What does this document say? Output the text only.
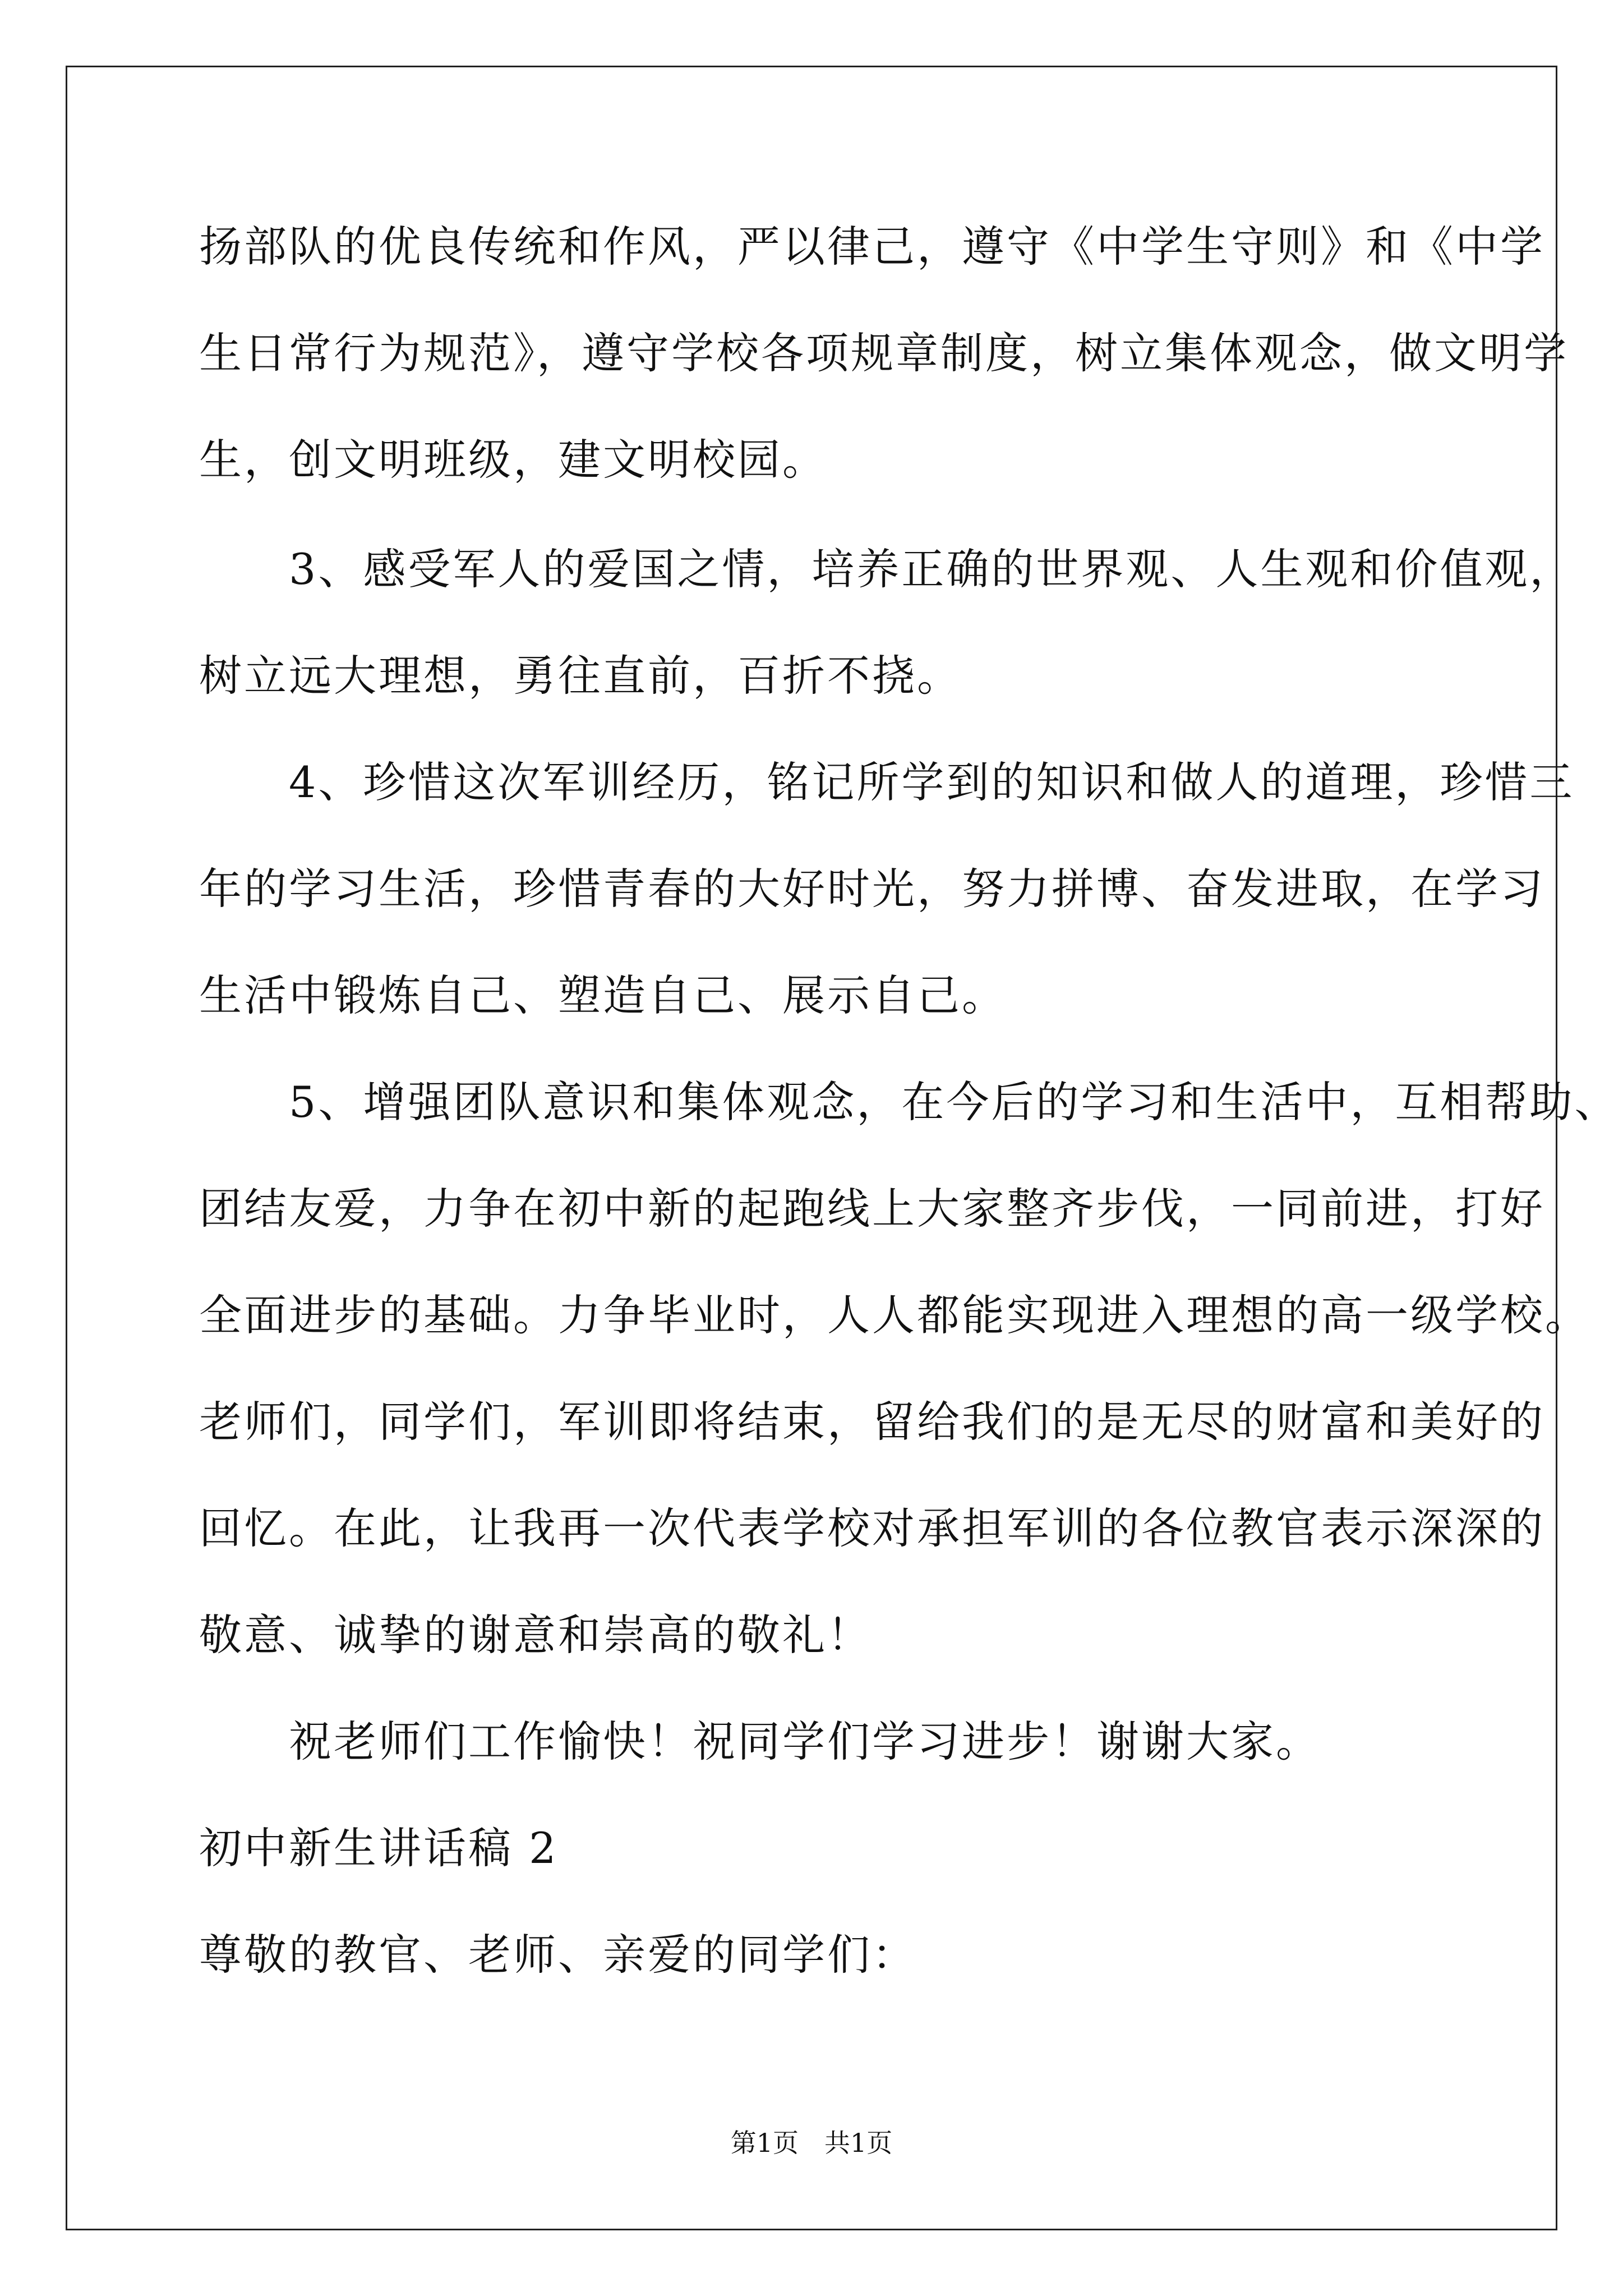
扬部队的优良传统和作风，严以律己，遵守《中学生守则》和《中学
生日常行为规范》，遵守学校各项规章制度，树立集体观念，做文明学
生，创文明班级，建文明校园。
　　3、感受军人的爱国之情，培养正确的世界观、人生观和价值观，
树立远大理想，勇往直前，百折不挠。
　　4、珍惜这次军训经历，铭记所学到的知识和做人的道理，珍惜三
年的学习生活，珍惜青春的大好时光，努力拼博、奋发进取，在学习
生活中锻炼自己、塑造自己、展示自己。
　　5、增强团队意识和集体观念，在今后的学习和生活中，互相帮助、
团结友爱，力争在初中新的起跑线上大家整齐步伐，一同前进，打好
全面进步的基础。力争毕业时，人人都能实现进入理想的高一级学校。
老师们，同学们，军训即将结束，留给我们的是无尽的财富和美好的
回忆。在此，让我再一次代表学校对承担军训的各位教官表示深深的
敬意、诚挚的谢意和崇高的敬礼！
　　祝老师们工作愉快！祝同学们学习进步！谢谢大家。
初中新生讲话稿 2
尊敬的教官、老师、亲爱的同学们：
第1页　共1页
